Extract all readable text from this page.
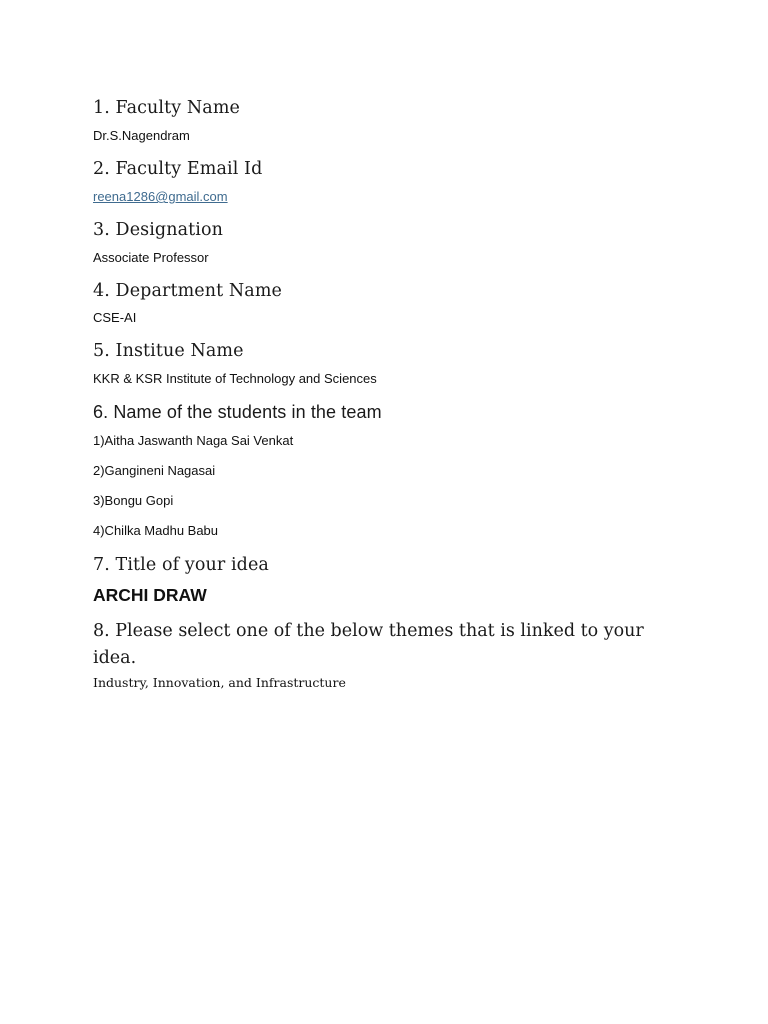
1. Faculty Name

Dr.S.Nagendram

2. Faculty Email Id

reena1286@gmail.com

3. Designation

Associate Professor

4. Department Name

CSE-AI

5. Institue Name

KKR & KSR Institute of Technology and Sciences

6. Name of the students in the team

1)Aitha Jaswanth Naga Sai Venkat

2)Gangineni Nagasai

3)Bongu Gopi

4)Chilka Madhu Babu

7. Title of your idea

ARCHI DRAW

8. Please select one of the below themes that is linked to your idea.

Industry, Innovation, and Infrastructure
